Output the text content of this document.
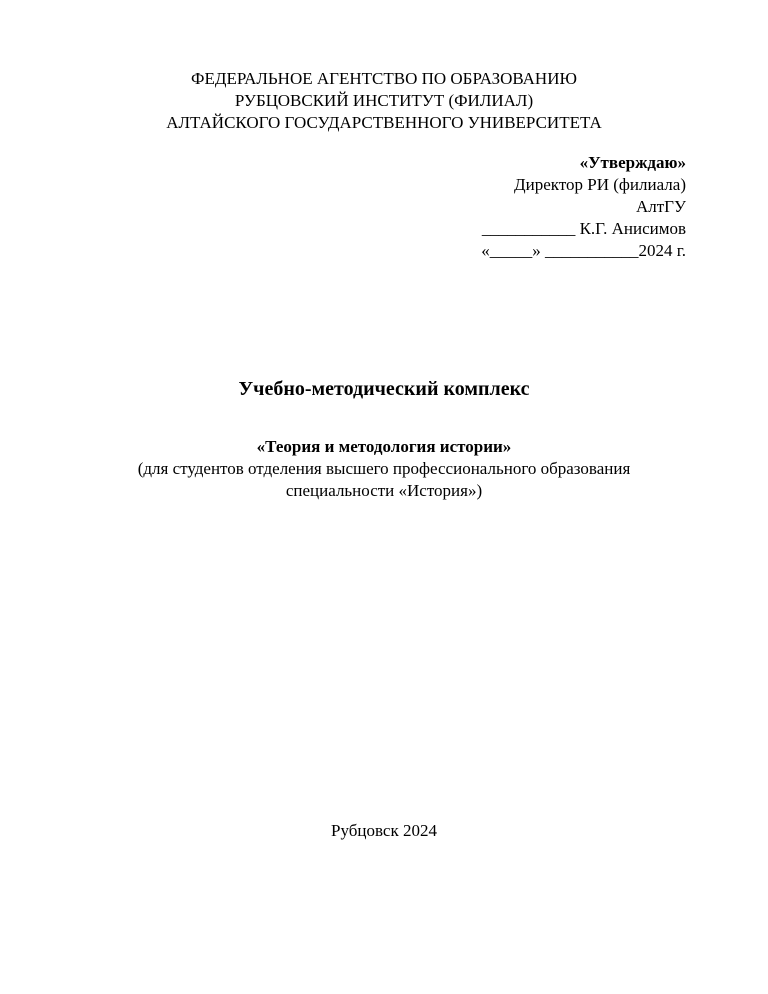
ФЕДЕРАЛЬНОЕ АГЕНТСТВО ПО ОБРАЗОВАНИЮ
РУБЦОВСКИЙ ИНСТИТУТ (ФИЛИАЛ)
АЛТАЙСКОГО ГОСУДАРСТВЕННОГО УНИВЕРСИТЕТА
«Утверждаю»
Директор РИ (филиала)
АлтГУ
___________ К.Г. Анисимов
«_____» ___________2024 г.
Учебно-методический комплекс
«Теория и методология истории»
(для студентов отделения высшего профессионального образования
специальности «История»)
Рубцовск 2024
